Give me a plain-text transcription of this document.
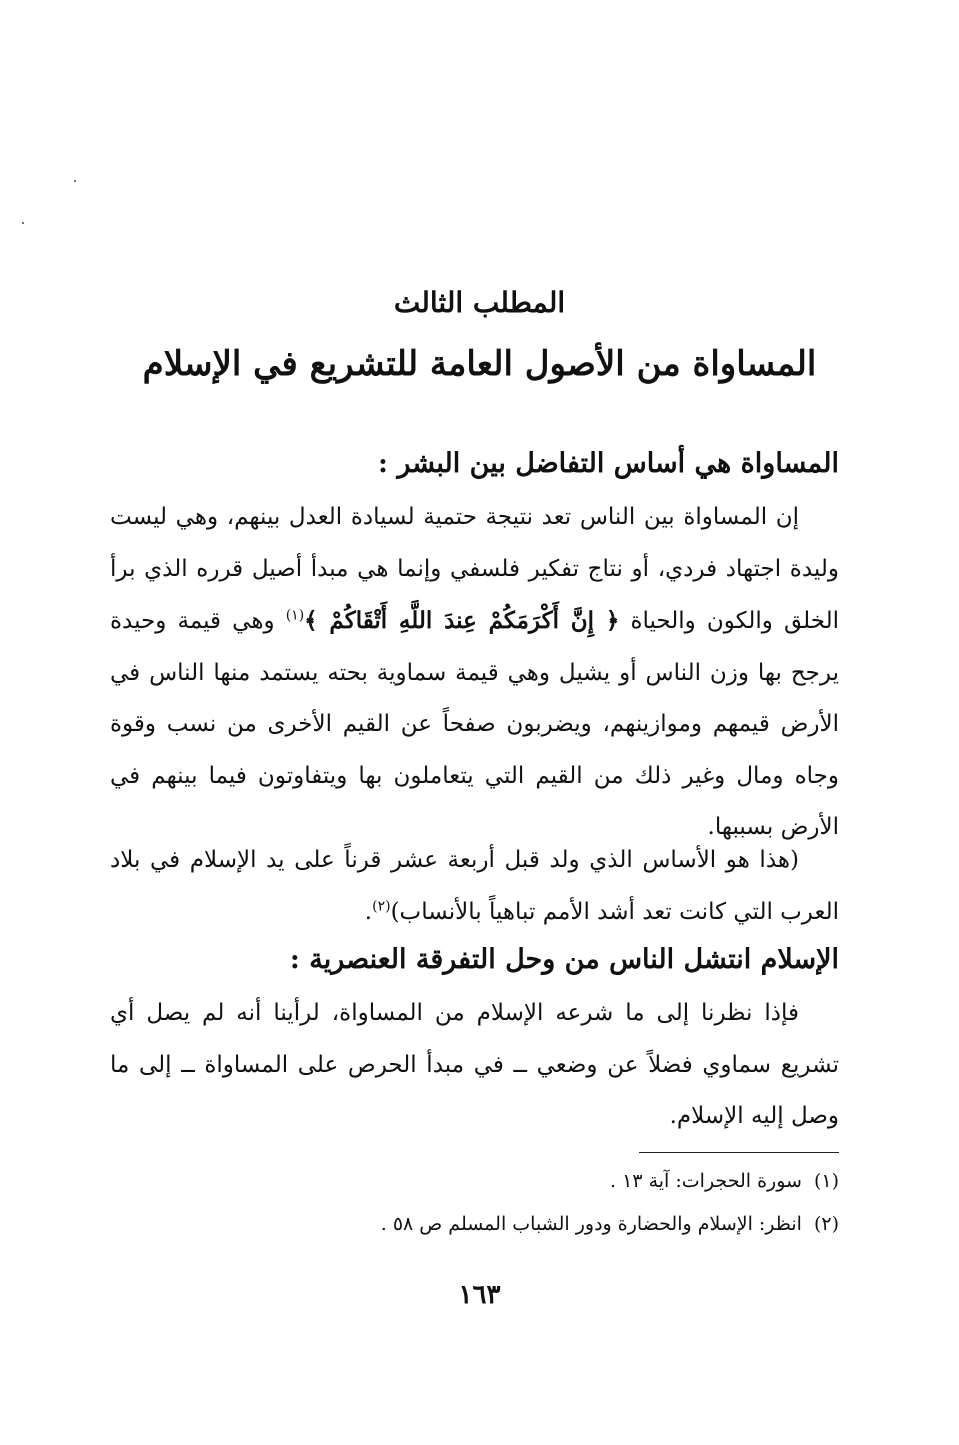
المطلب الثالث
المساواة من الأصول العامة للتشريع في الإسلام
المساواة هي أساس التفاضل بين البشر :
إن المساواة بين الناس تعد نتيجة حتمية لسيادة العدل بينهم، وهي ليست وليدة اجتهاد فردي، أو نتاج تفكير فلسفي وإنما هي مبدأ أصيل قرره الذي برأ الخلق والكون والحياة ﴿ إِنَّ أَكْرَمَكُمْ عِندَ اللَّهِ أَتْقَاكُمْ ﴾$^{(١)}$ وهي قيمة وحيدة يرجح بها وزن الناس أو يشيل وهي قيمة سماوية بحته يستمد منها الناس في الأرض قيمهم وموازينهم، ويضربون صفحاً عن القيم الأخرى من نسب وقوة وجاه ومال وغير ذلك من القيم التي يتعاملون بها ويتفاوتون فيما بينهم في الأرض بسببها.
(هذا هو الأساس الذي ولد قبل أربعة عشر قرناً على يد الإسلام في بلاد العرب التي كانت تعد أشد الأمم تباهياً بالأنساب)$^{(٢)}$.
الإسلام انتشل الناس من وحل التفرقة العنصرية :
فإذا نظرنا إلى ما شرعه الإسلام من المساواة، لرأينا أنه لم يصل أي تشريع سماوي فضلاً عن وضعي ــ في مبدأ الحرص على المساواة ــ إلى ما وصل إليه الإسلام.
(١)سورة الحجرات: آية ١٣ .
(٢)انظر: الإسلام والحضارة ودور الشباب المسلم ص ٥٨ .
١٦٣
